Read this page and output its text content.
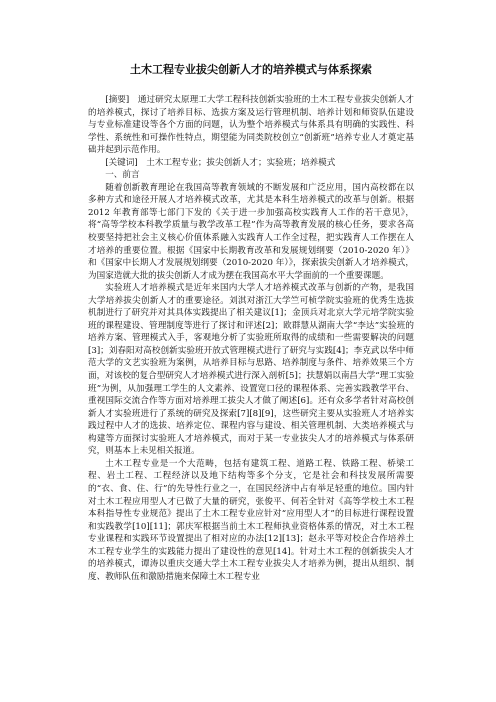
土木工程专业拔尖创新人才的培养模式与体系探索

[摘要]　通过研究太原理工大学工程科技创新实验班的土木工程专业拔尖创新人才的培养模式，探讨了培养目标、选拔方案及运行管理机制、培养计划和师资队伍建设与专业标准建设等各个方面的问题，认为整个培养模式与体系具有明确的实践性、科学性、系统性和可操作性特点，期望能为同类院校创立“创新班”培养专业人才奠定基础并起到示范作用。

[关键词]　土木工程专业；拔尖创新人才；实验班；培养模式

一、前言

随着创新教育理论在我国高等教育领域的不断发展和广泛应用，国内高校都在以多种方式和途径开展人才培养模式改革，尤其是本科生培养模式的改革与创新。根据 2012 年教育部等七部门下发的《关于进一步加强高校实践育人工作的若干意见》，将“高等学校本科教学质量与教学改革工程”作为高等教育发展的核心任务，要求各高校要坚持把社会主义核心价值体系融入实践育人工作全过程，把实践育人工作摆在人才培养的重要位置。根据《国家中长期教育改革和发展规划纲要（2010-2020 年）》和《国家中长期人才发展规划纲要（2010-2020 年）》，探索拔尖创新人才培养模式，为国家造就大批的拔尖创新人才成为摆在我国高水平大学面前的一个重要课题。

实验班人才培养模式是近年来国内大学人才培养模式改革与创新的产物，是我国大学培养拔尖创新人才的重要途径。刘淇对浙江大学竺可桢学院实验班的优秀生选拔机制进行了研究并对其具体实践提出了相关建议[1]；金顶兵对北京大学元培学院实验班的课程建设、管理制度等进行了探讨和评述[2]；欧群慧从湖南大学“李达”实验班的培养方案、管理模式入手，客观地分析了实验班所取得的成绩和一些需要解决的问题[3]；刘春阳对高校创新实验班开放式管理模式进行了研究与实践[4]；李克武以华中师范大学的文艺实验班为案例，从培养目标与思路、培养制度与条件、培养效果三个方面，对该校的复合型研究人才培养模式进行深入剖析[5]；扶慧娟以南昌大学“理工实验班”为例，从加强理工学生的人文素养、设置宽口径的课程体系、完善实践教学平台、重视国际交流合作等方面对培养理工拔尖人才做了阐述[6]。还有众多学者针对高校创新人才实验班进行了系统的研究及探索[7][8][9]，这些研究主要从实验班人才培养实践过程中人才的选拔、培养定位、课程内容与建设、相关管理机制、大类培养模式与构建等方面探讨实验班人才培养模式，而对于某一专业拔尖人才的培养模式与体系研究，则基本上未见相关报道。

土木工程专业是一个大范畴，包括有建筑工程、道路工程、铁路工程、桥梁工程、岩土工程、工程经济以及地下结构等多个分支，它是社会和科技发展所需要的“衣、食、住、行”的先导性行业之一，在国民经济中占有举足轻重的地位。国内针对土木工程应用型人才已做了大量的研究，张俊平、何若全针对《高等学校土木工程本科指导性专业规范》提出了土木工程专业应针对“应用型人才”的目标进行课程设置和实践教学[10][11]；郭庆军根据当前土木工程师执业资格体系的情况，对土木工程专业课程和实践环节设置提出了相对应的办法[12][13]；赵永平等对校企合作培养土木工程专业学生的实践能力提出了建设性的意见[14]。针对土木工程的创新拔尖人才的培养模式，谭涛以重庆交通大学土木工程专业拔尖人才培养为例，提出从组织、制度、教师队伍和激励措施来保障土木工程专业
